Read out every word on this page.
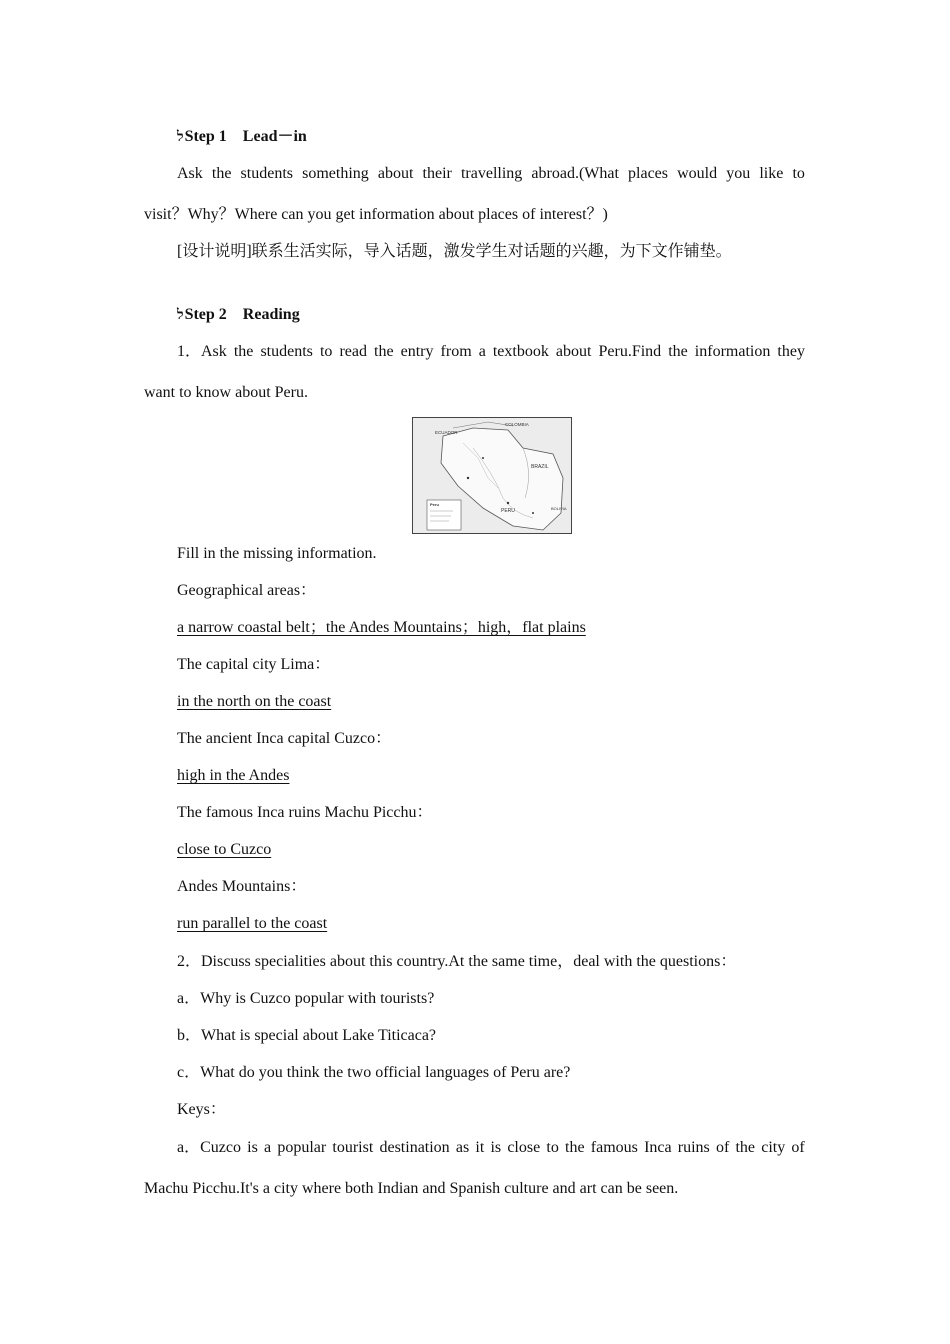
לStep 1　Lead－in
Ask the students something about their travelling abroad.(What places would you like to
visit？Why？Where can you get information about places of interest？)
[设计说明]联系生活实际，导入话题，激发学生对话题的兴趣，为下文作铺垫。
לStep 2　Reading
1．Ask the students to read the entry from a textbook about Peru.Find the information they
want to know about Peru.
COLOMBIA
ECUADOR
BRAZIL
PERU	BOLIVIA
Peru
Fill in the missing information.
Geographical areas：
a narrow coastal belt；the Andes Mountains；high，flat plains
The capital city Lima：
in the north on the coast
The ancient Inca capital Cuzco：
high in the Andes
The famous Inca ruins Machu Picchu：
close to Cuzco
Andes Mountains：
run parallel to the coast
2．Discuss specialities about this country.At the same time，deal with the questions：
a．Why is Cuzco popular with tourists?
b．What is special about Lake Titicaca?
c．What do you think the two official languages of Peru are?
Keys：
a．Cuzco is a popular tourist destination as it is close to the famous Inca ruins of the city of
Machu Picchu.It's a city where both Indian and Spanish culture and art can be seen.
